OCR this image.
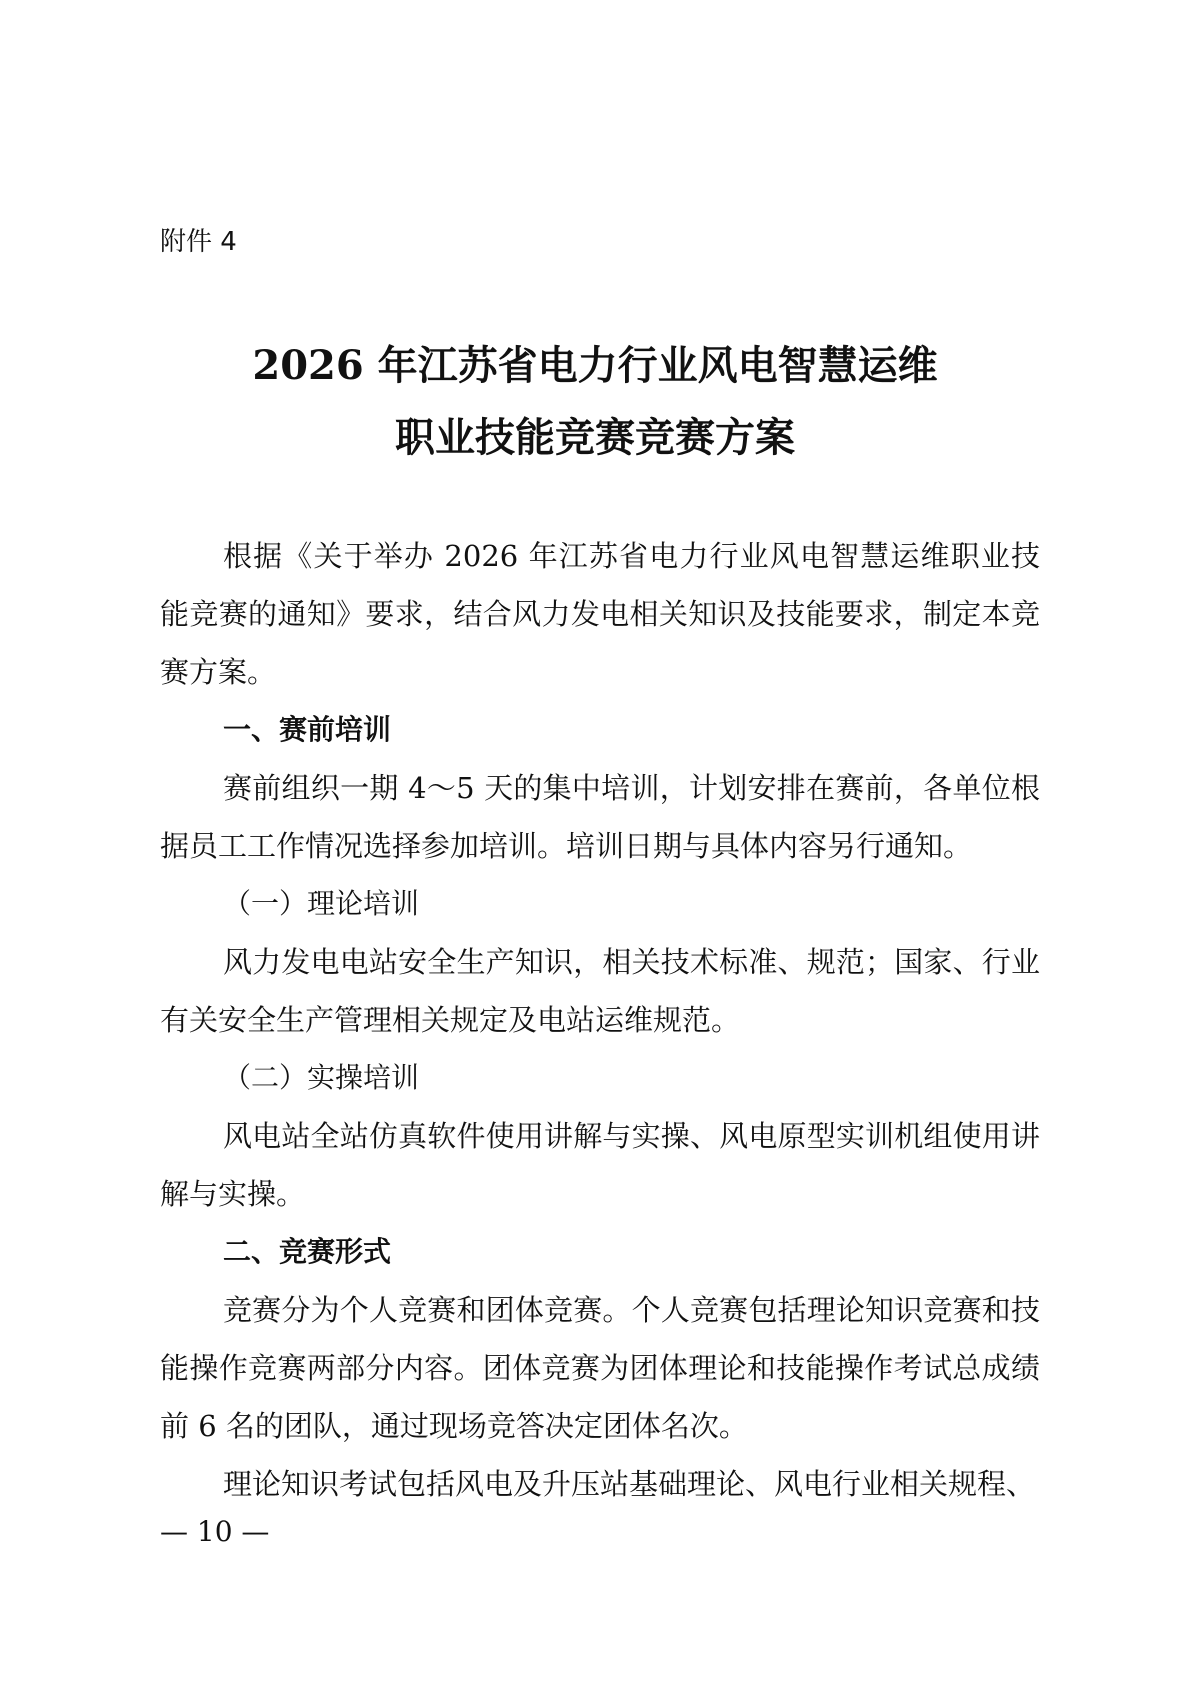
附件 4
2026 年江苏省电力行业风电智慧运维
职业技能竞赛竞赛方案

根据《关于举办 2026 年江苏省电力行业风电智慧运维职业技能竞赛的通知》要求，结合风力发电相关知识及技能要求，制定本竞赛方案。

一、赛前培训

赛前组织一期 4～5 天的集中培训，计划安排在赛前，各单位根据员工工作情况选择参加培训。培训日期与具体内容另行通知。

（一）理论培训

风力发电电站安全生产知识，相关技术标准、规范；国家、行业有关安全生产管理相关规定及电站运维规范。

（二）实操培训

风电站全站仿真软件使用讲解与实操、风电原型实训机组使用讲解与实操。

二、竞赛形式

竞赛分为个人竞赛和团体竞赛。个人竞赛包括理论知识竞赛和技能操作竞赛两部分内容。团体竞赛为团体理论和技能操作考试总成绩前 6 名的团队，通过现场竞答决定团体名次。

理论知识考试包括风电及升压站基础理论、风电行业相关规程、

— 10 —
